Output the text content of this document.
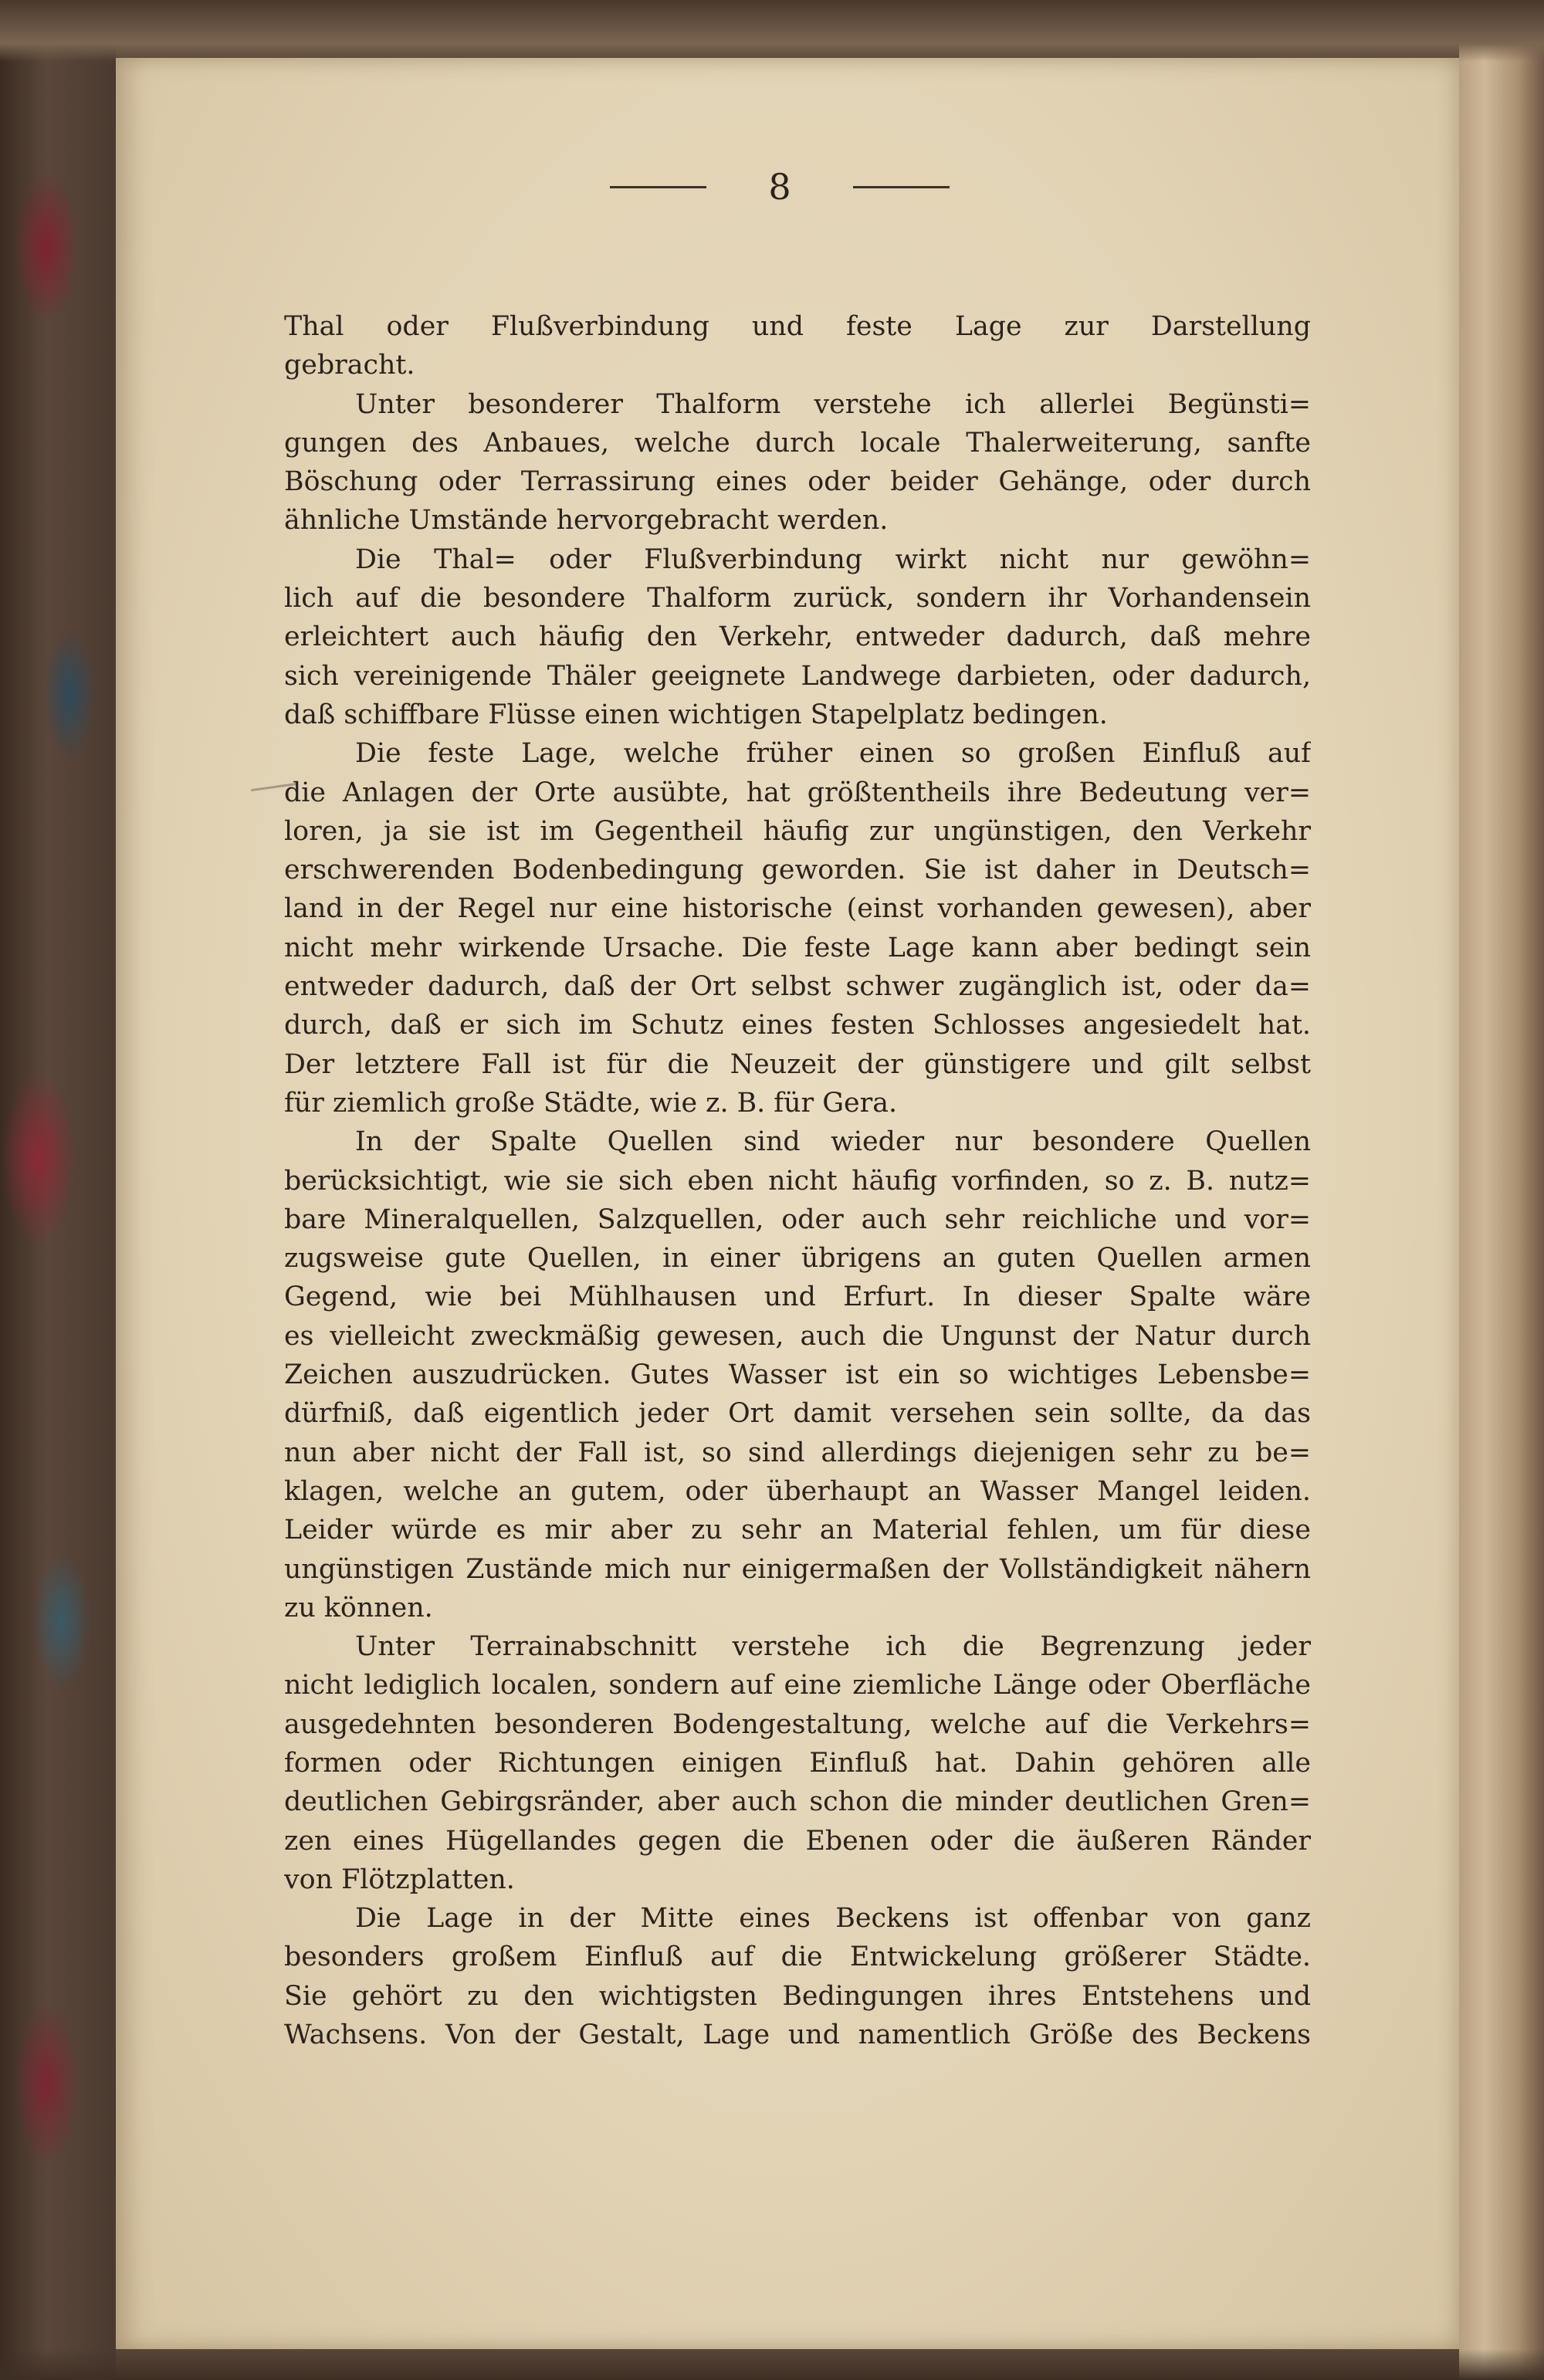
8
Thal oder Flußverbindung und feste Lage zur Darstellung
gebracht.
Unter besonderer Thalform verstehe ich allerlei Begünsti=
gungen des Anbaues, welche durch locale Thalerweiterung, sanfte
Böschung oder Terrassirung eines oder beider Gehänge, oder durch
ähnliche Umstände hervorgebracht werden.
Die Thal= oder Flußverbindung wirkt nicht nur gewöhn=
lich auf die besondere Thalform zurück, sondern ihr Vorhandensein
erleichtert auch häufig den Verkehr, entweder dadurch, daß mehre
sich vereinigende Thäler geeignete Landwege darbieten, oder dadurch,
daß schiffbare Flüsse einen wichtigen Stapelplatz bedingen.
Die feste Lage, welche früher einen so großen Einfluß auf
die Anlagen der Orte ausübte, hat größtentheils ihre Bedeutung ver=
loren, ja sie ist im Gegentheil häufig zur ungünstigen, den Verkehr
erschwerenden Bodenbedingung geworden. Sie ist daher in Deutsch=
land in der Regel nur eine historische (einst vorhanden gewesen), aber
nicht mehr wirkende Ursache. Die feste Lage kann aber bedingt sein
entweder dadurch, daß der Ort selbst schwer zugänglich ist, oder da=
durch, daß er sich im Schutz eines festen Schlosses angesiedelt hat.
Der letztere Fall ist für die Neuzeit der günstigere und gilt selbst
für ziemlich große Städte, wie z. B. für Gera.
In der Spalte Quellen sind wieder nur besondere Quellen
berücksichtigt, wie sie sich eben nicht häufig vorfinden, so z. B. nutz=
bare Mineralquellen, Salzquellen, oder auch sehr reichliche und vor=
zugsweise gute Quellen, in einer übrigens an guten Quellen armen
Gegend, wie bei Mühlhausen und Erfurt. In dieser Spalte wäre
es vielleicht zweckmäßig gewesen, auch die Ungunst der Natur durch
Zeichen auszudrücken. Gutes Wasser ist ein so wichtiges Lebensbe=
dürfniß, daß eigentlich jeder Ort damit versehen sein sollte, da das
nun aber nicht der Fall ist, so sind allerdings diejenigen sehr zu be=
klagen, welche an gutem, oder überhaupt an Wasser Mangel leiden.
Leider würde es mir aber zu sehr an Material fehlen, um für diese
ungünstigen Zustände mich nur einigermaßen der Vollständigkeit nähern
zu können.
Unter Terrainabschnitt verstehe ich die Begrenzung jeder
nicht lediglich localen, sondern auf eine ziemliche Länge oder Oberfläche
ausgedehnten besonderen Bodengestaltung, welche auf die Verkehrs=
formen oder Richtungen einigen Einfluß hat. Dahin gehören alle
deutlichen Gebirgsränder, aber auch schon die minder deutlichen Gren=
zen eines Hügellandes gegen die Ebenen oder die äußeren Ränder
von Flötzplatten.
Die Lage in der Mitte eines Beckens ist offenbar von ganz
besonders großem Einfluß auf die Entwickelung größerer Städte.
Sie gehört zu den wichtigsten Bedingungen ihres Entstehens und
Wachsens. Von der Gestalt, Lage und namentlich Größe des Beckens
